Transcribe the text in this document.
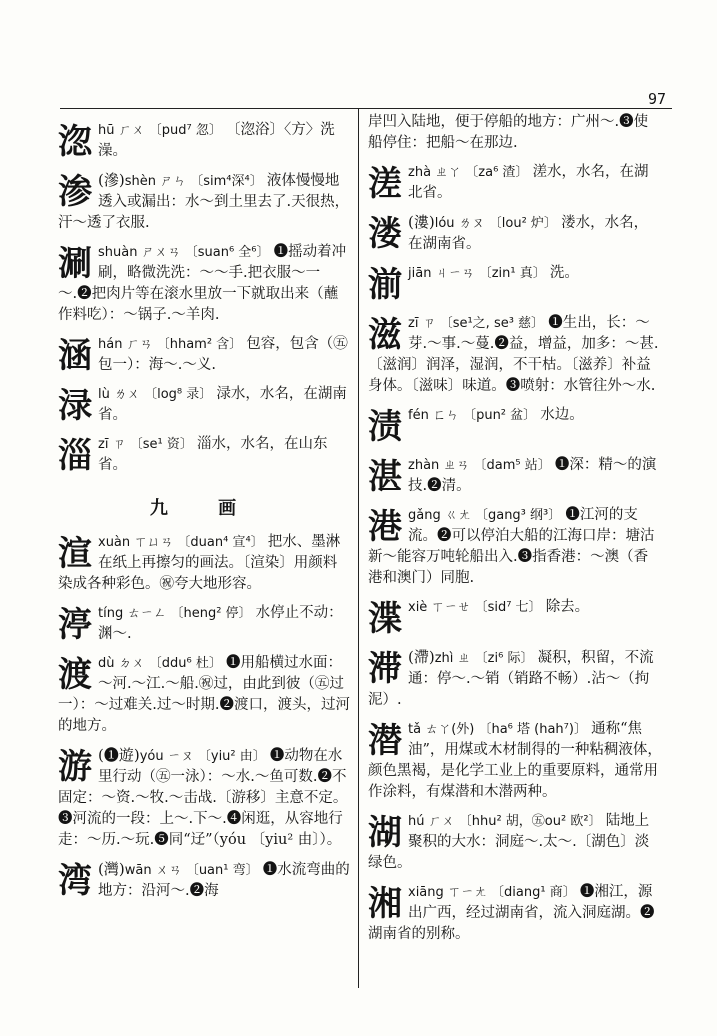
97
淴hū ㄏㄨ 〔pud⁷ 忽〕 〔淴浴〕〈方〉洗澡。
渗 (滲)shèn ㄕㄣ 〔sim⁴深⁴〕 液体慢慢地透入或漏出：水～到土里去了.天很热，汗～透了衣服.
涮shuàn ㄕㄨㄢ 〔suan⁶ 全⁶〕 ❶摇动着冲刷，略微洗洗：～～手.把衣服～一～.❷把肉片等在滚水里放一下就取出来（蘸作料吃）：～锅子.～羊肉.
涵hán ㄏㄢ 〔hham² 含〕 包容，包含（㊄包一）：海～.～义.
渌lù ㄌㄨ 〔log⁸ 录〕 渌水，水名，在湖南省。
淄zī ㄗ 〔se¹ 资〕 淄水，水名，在山东省。
九 画
渲xuàn ㄒㄩㄢ 〔duan⁴ 宣⁴〕 把水、墨淋在纸上再擦匀的画法。〔渲染〕用颜料染成各种彩色。㊗夸大地形容。
渟tíng ㄊㄧㄥ 〔heng² 停〕 水停止不动：渊～.
渡dù ㄉㄨ 〔ddu⁶ 杜〕 ❶用船横过水面：～河.～江.～船.㊗过，由此到彼（㊄过一）：～过难关.过～时期.❷渡口，渡头，过河的地方。
游 (❶遊)yóu ㄧㄡ 〔yiu² 由〕 ❶动物在水里行动（㊄一泳）：～水.～鱼可数.❷不固定：～资.～牧.～击战.〔游移〕主意不定。❸河流的一段：上～.下～.❹闲逛，从容地行走：～历.～玩.❺同“䢊”（yóu 〔yiu² 由〕）。
湾 (灣)wān ㄨㄢ 〔uan¹ 弯〕 ❶水流弯曲的地方：沿河～.❷海
岸凹入陆地，便于停船的地方：广州～.❸使船停住：把船～在那边.
溠zhà ㄓㄚ 〔za⁶ 渣〕 溠水，水名，在湖北省。
溇 (漊)lóu ㄌㄡ 〔lou² 炉〕 溇水，水名，在湖南省。
湔jiān ㄐㄧㄢ 〔zin¹ 真〕 洗。
滋zī ㄗ 〔se¹之, se³ 慈〕 ❶生出，长：～芽.～事.～蔓.❷益，增益，加多：～甚.〔滋润〕润泽，湿润，不干枯。〔滋养〕补益身体。〔滋味〕味道。❸喷射：水管往外～水.
渍fén ㄈㄣ 〔pun² 盆〕 水边。
湛zhàn ㄓㄢ 〔dam⁵ 站〕 ❶深：精～的演技.❷清。
港gǎng ㄍㄤ 〔gang³ 纲³〕 ❶江河的支流。❷可以停泊大船的江海口岸：塘沽新～能容万吨轮船出入.❸指香港：～澳（香港和澳门）同胞.
渫xiè ㄒㄧㄝ 〔sid⁷ 七〕 除去。
滞 (滯)zhì ㄓ 〔zi⁶ 际〕 凝积，积留，不流通：停～.～销（销路不畅）.沾～（拘泥）.
潜tǎ ㄊㄚ(外) 〔ha⁶ 塔 (hah⁷)〕 通称“焦油”，用煤或木材制得的一种粘稠液体，颜色黑褐，是化学工业上的重要原料，通常用作涂料，有煤潜和木潜两种。
湖hú ㄏㄨ 〔hhu² 胡，㊄ou² 欧²〕 陆地上聚积的大水：洞庭～.太～.〔湖色〕淡绿色。
湘xiāng ㄒㄧㄤ 〔diang¹ 商〕 ❶湘江，源出广西，经过湖南省，流入洞庭湖。❷湖南省的别称。
